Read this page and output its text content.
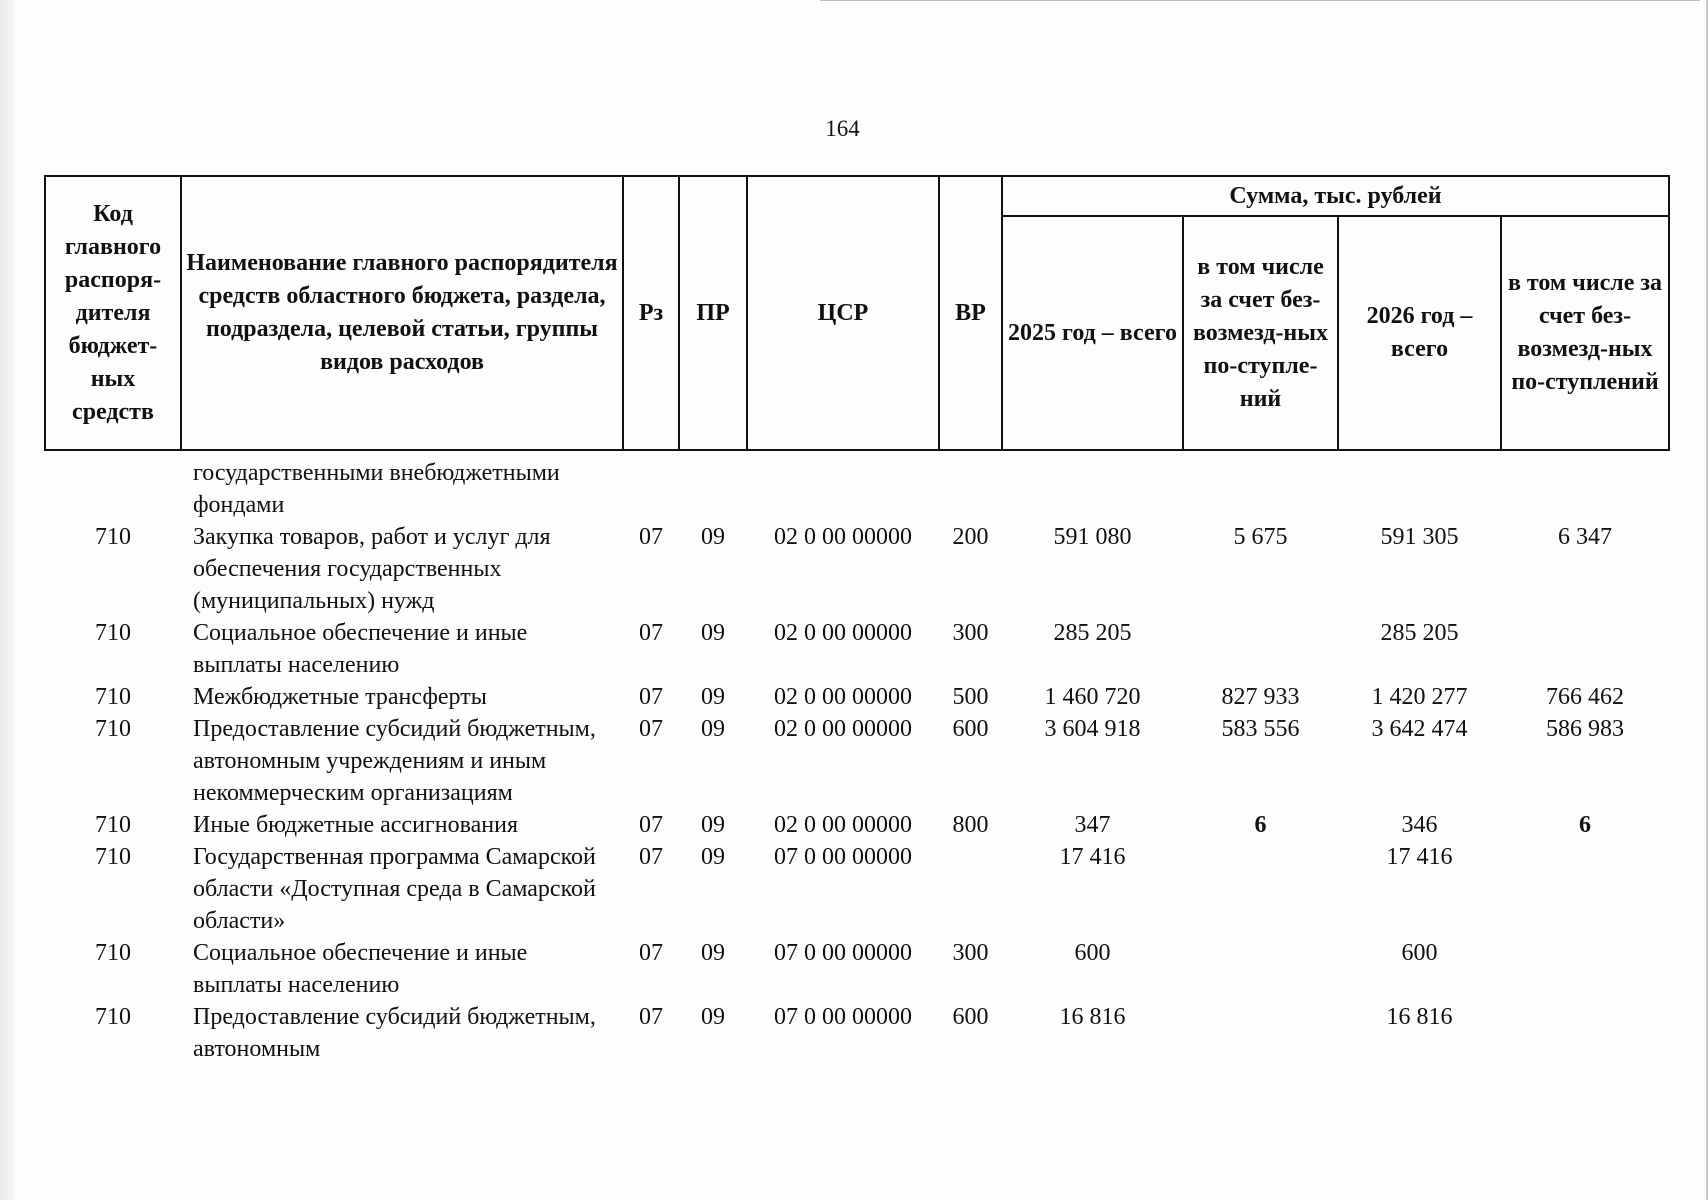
164
Код главного распоря-дителя бюджет-ных средств	Наименование главного распорядителя средств областного бюджета, раздела, подраздела, целевой статьи, группы видов расходов	Рз	ПР	ЦСР	ВР	Сумма, тыс. рублей			
						2025 год – всего	в том числе за счет без-возмезд-ных по-ступле-ний	2026 год – всего	в том числе за счет без-возмезд-ных по-ступлений
	государственными внебюджетными фондами								
710	Закупка товаров, работ и услуг для обеспечения государственных (муниципальных) нужд	07	09	02 0 00 00000	200	591 080	5 675	591 305	6 347
710	Социальное обеспечение и иные выплаты населению	07	09	02 0 00 00000	300	285 205		285 205	
710	Межбюджетные трансферты	07	09	02 0 00 00000	500	1 460 720	827 933	1 420 277	766 462
710	Предоставление субсидий бюджетным, автономным учреждениям и иным некоммерческим организациям	07	09	02 0 00 00000	600	3 604 918	583 556	3 642 474	586 983
710	Иные бюджетные ассигнования	07	09	02 0 00 00000	800	347	6	346	6
710	Государственная программа Самарской области «Доступная среда в Самарской области»	07	09	07 0 00 00000		17 416		17 416	
710	Социальное обеспечение и иные выплаты населению	07	09	07 0 00 00000	300	600		600	
710	Предоставление субсидий бюджетным, автономным	07	09	07 0 00 00000	600	16 816		16 816	
